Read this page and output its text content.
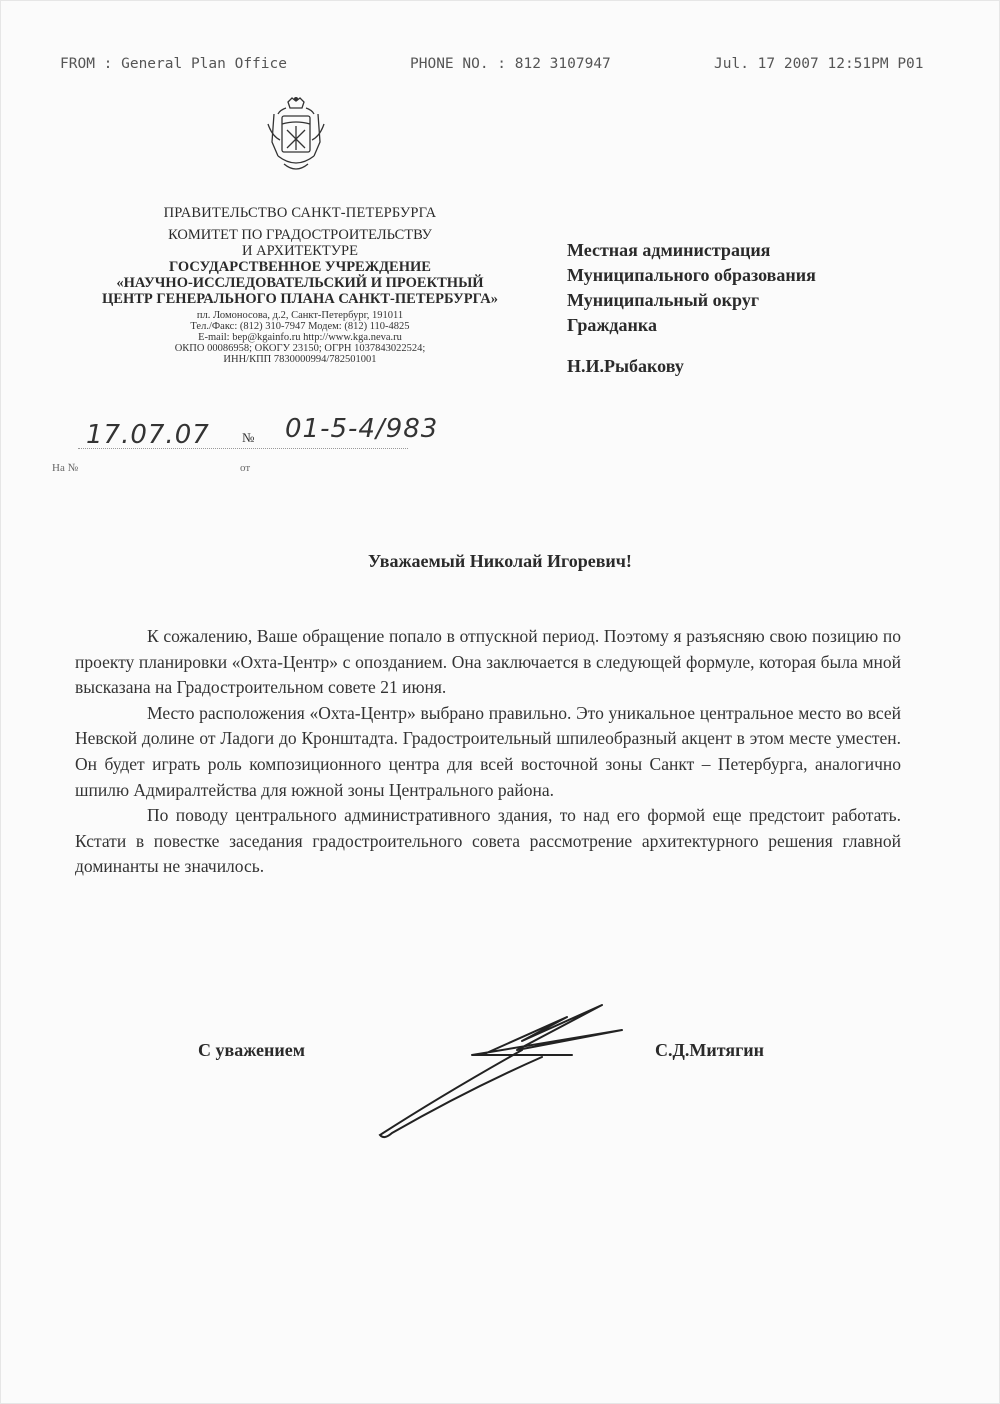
FROM : General Plan Office	PHONE NO. : 812 3107947	Jul. 17 2007 12:51PM P01
ПРАВИТЕЛЬСТВО САНКТ-ПЕТЕРБУРГА
КОМИТЕТ ПО ГРАДОСТРОИТЕЛЬСТВУ
И АРХИТЕКТУРЕ
ГОСУДАРСТВЕННОЕ УЧРЕЖДЕНИЕ
«НАУЧНО-ИССЛЕДОВАТЕЛЬСКИЙ И ПРОЕКТНЫЙ
ЦЕНТР ГЕНЕРАЛЬНОГО ПЛАНА САНКТ-ПЕТЕРБУРГА»
пл. Ломоносова, д.2, Санкт-Петербург, 191011
Тел./Факс: (812) 310-7947 Модем: (812) 110-4825
E-mail: bep@kgainfo.ru http://www.kga.neva.ru
ОКПО 00086958; ОКОГУ 23150; ОГРН 1037843022524;
ИНН/КПП 7830000994/782501001
17.07.07 № 01-5-4/983
На №	от
Местная администрация
Муниципального образования
Муниципальный округ
Гражданка
Н.И.Рыбакову
Уважаемый Николай Игоревич!

К сожалению, Ваше обращение попало в отпускной период. Поэтому я разъясняю свою позицию по проекту планировки «Охта-Центр» с опозданием. Она заключается в следующей формуле, которая была мной высказана на Градостроительном совете 21 июня.

Место расположения «Охта-Центр» выбрано правильно. Это уникальное центральное место во всей Невской долине от Ладоги до Кронштадта. Градостроительный шпилеобразный акцент в этом месте уместен. Он будет играть роль композиционного центра для всей восточной зоны Санкт – Петербурга, аналогично шпилю Адмиралтейства для южной зоны Центрального района.

По поводу центрального административного здания, то над его формой еще предстоит работать. Кстати в повестке заседания градостроительного совета рассмотрение архитектурного решения главной доминанты не значилось.

С уважением	С.Д.Митягин
